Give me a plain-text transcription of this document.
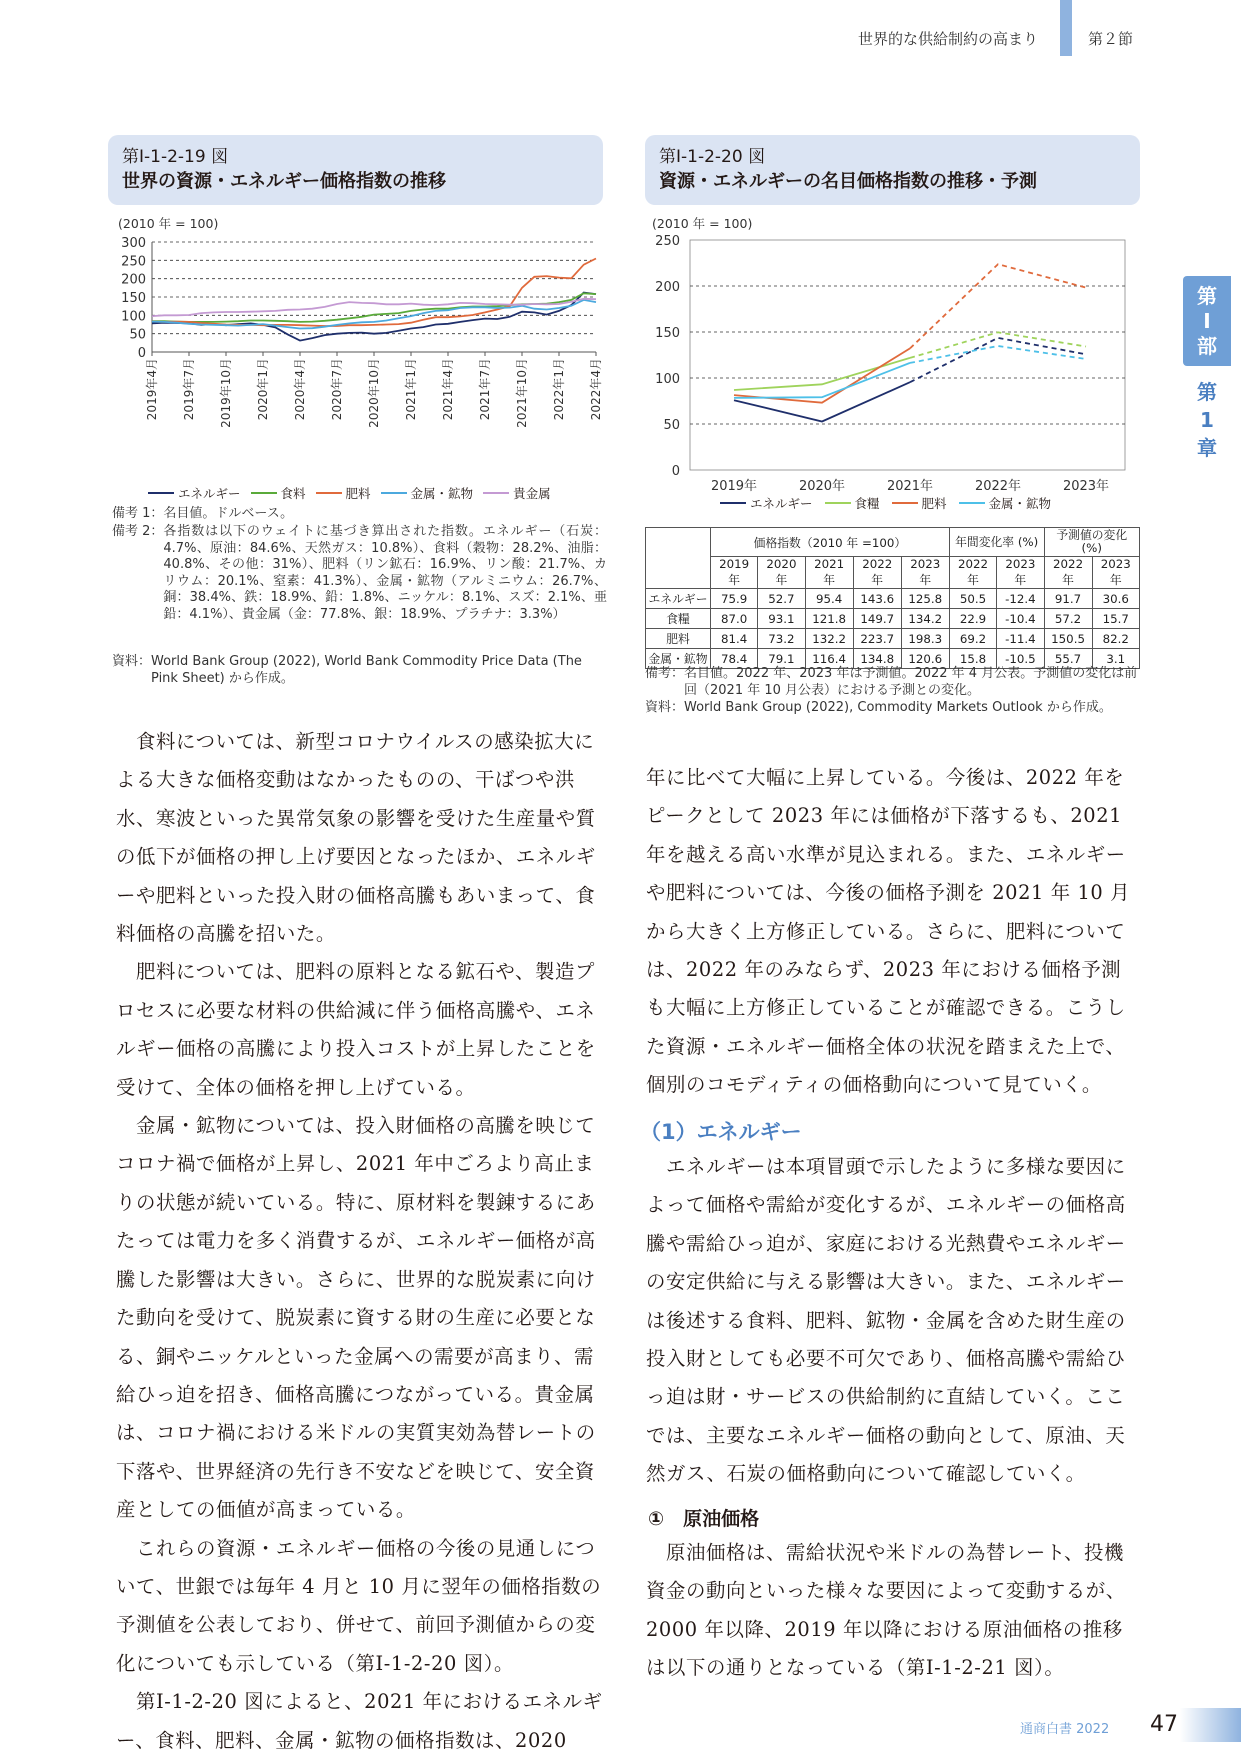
世界的な供給制約の高まり	第２節
第
Ⅰ
部
第
1
章
第Ⅰ-1-2-19 図
世界の資源・エネルギー価格指数の推移
(2010 年 = 100)
0
50
100
150
200
250
300
2019年4月 2019年7月 2019年10月 2020年1月 2020年4月 2020年7月 2020年10月 2021年1月 2021年4月 2021年7月 2021年10月 2022年1月 2022年4月
エネルギー	食料	肥料	金属・鉱物	貴金属
備考 1：名目値。ドルベース。
備考 2： 各指数は以下のウェイトに基づき算出された指数。エネルギー（石炭：4.7%、原油：84.6%、天然ガス：10.8%）、食料（穀物：28.2%、油脂：40.8%、その他：31%）、肥料（リン鉱石：16.9%、リン酸：21.7%、カリウム：20.1%、窒素：41.3%）、金属・鉱物（アルミニウム：26.7%、銅：38.4%、鉄：18.9%、鉛：1.8%、ニッケル：8.1%、スズ：2.1%、亜鉛：4.1%）、貴金属（金：77.8%、銀：18.9%、プラチナ：3.3%）
資料： World Bank Group (2022), World Bank Commodity Price Data (The Pink Sheet) から作成。
第Ⅰ-1-2-20 図
資源・エネルギーの名目価格指数の推移・予測
(2010 年 = 100)
0
50
100
150
200
250
2019年	2020年	2021年	2022年	2023年
エネルギー	食糧	肥料	金属・鉱物
	価格指数（2010 年 =100）					年間変化率 (%)		予測値の変化 (%)	
	2019 年	2020 年	2021 年	2022 年	2023 年	2022 年	2023 年	2022 年	2023 年
エネルギー	75.9	52.7	95.4	143.6	125.8	50.5	-12.4	91.7	30.6
食糧	87.0	93.1	121.8	149.7	134.2	22.9	-10.4	57.2	15.7
肥料	81.4	73.2	132.2	223.7	198.3	69.2	-11.4	150.5	82.2
金属・鉱物	78.4	79.1	116.4	134.8	120.6	15.8	-10.5	55.7	3.1
備考： 名目値。2022 年、2023 年は予測値。2022 年 4 月公表。予測値の変化は前回（2021 年 10 月公表）における予測との変化。
資料： World Bank Group (2022), Commodity Markets Outlook から作成。

　食料については、新型コロナウイルスの感染拡大による大きな価格変動はなかったものの、干ばつや洪水、寒波といった異常気象の影響を受けた生産量や質の低下が価格の押し上げ要因となったほか、エネルギーや肥料といった投入財の価格高騰もあいまって、食料価格の高騰を招いた。

　肥料については、肥料の原料となる鉱石や、製造プロセスに必要な材料の供給減に伴う価格高騰や、エネルギー価格の高騰により投入コストが上昇したことを受けて、全体の価格を押し上げている。

　金属・鉱物については、投入財価格の高騰を映じてコロナ禍で価格が上昇し、2021 年中ごろより高止まりの状態が続いている。特に、原材料を製錬するにあたっては電力を多く消費するが、エネルギー価格が高騰した影響は大きい。さらに、世界的な脱炭素に向けた動向を受けて、脱炭素に資する財の生産に必要となる、銅やニッケルといった金属への需要が高まり、需給ひっ迫を招き、価格高騰につながっている。貴金属は、コロナ禍における米ドルの実質実効為替レートの下落や、世界経済の先行き不安などを映じて、安全資産としての価値が高まっている。

　これらの資源・エネルギー価格の今後の見通しについて、世銀では毎年 4 月と 10 月に翌年の価格指数の予測値を公表しており、併せて、前回予測値からの変化についても示している（第Ⅰ-1-2-20 図）。

　第Ⅰ-1-2-20 図によると、2021 年におけるエネルギー、食料、肥料、金属・鉱物の価格指数は、2020

年に比べて大幅に上昇している。今後は、2022 年をピークとして 2023 年には価格が下落するも、2021 年を越える高い水準が見込まれる。また、エネルギーや肥料については、今後の価格予測を 2021 年 10 月から大きく上方修正している。さらに、肥料については、2022 年のみならず、2023 年における価格予測も大幅に上方修正していることが確認できる。こうした資源・エネルギー価格全体の状況を踏まえた上で、個別のコモディティの価格動向について見ていく。

（1）エネルギー

　エネルギーは本項冒頭で示したように多様な要因によって価格や需給が変化するが、エネルギーの価格高騰や需給ひっ迫が、家庭における光熱費やエネルギーの安定供給に与える影響は大きい。また、エネルギーは後述する食料、肥料、鉱物・金属を含めた財生産の投入財としても必要不可欠であり、価格高騰や需給ひっ迫は財・サービスの供給制約に直結していく。ここでは、主要なエネルギー価格の動向として、原油、天然ガス、石炭の価格動向について確認していく。

①　原油価格

　原油価格は、需給状況や米ドルの為替レート、投機資金の動向といった様々な要因によって変動するが、2000 年以降、2019 年以降における原油価格の推移は以下の通りとなっている（第Ⅰ-1-2-21 図）。

通商白書 2022 47
